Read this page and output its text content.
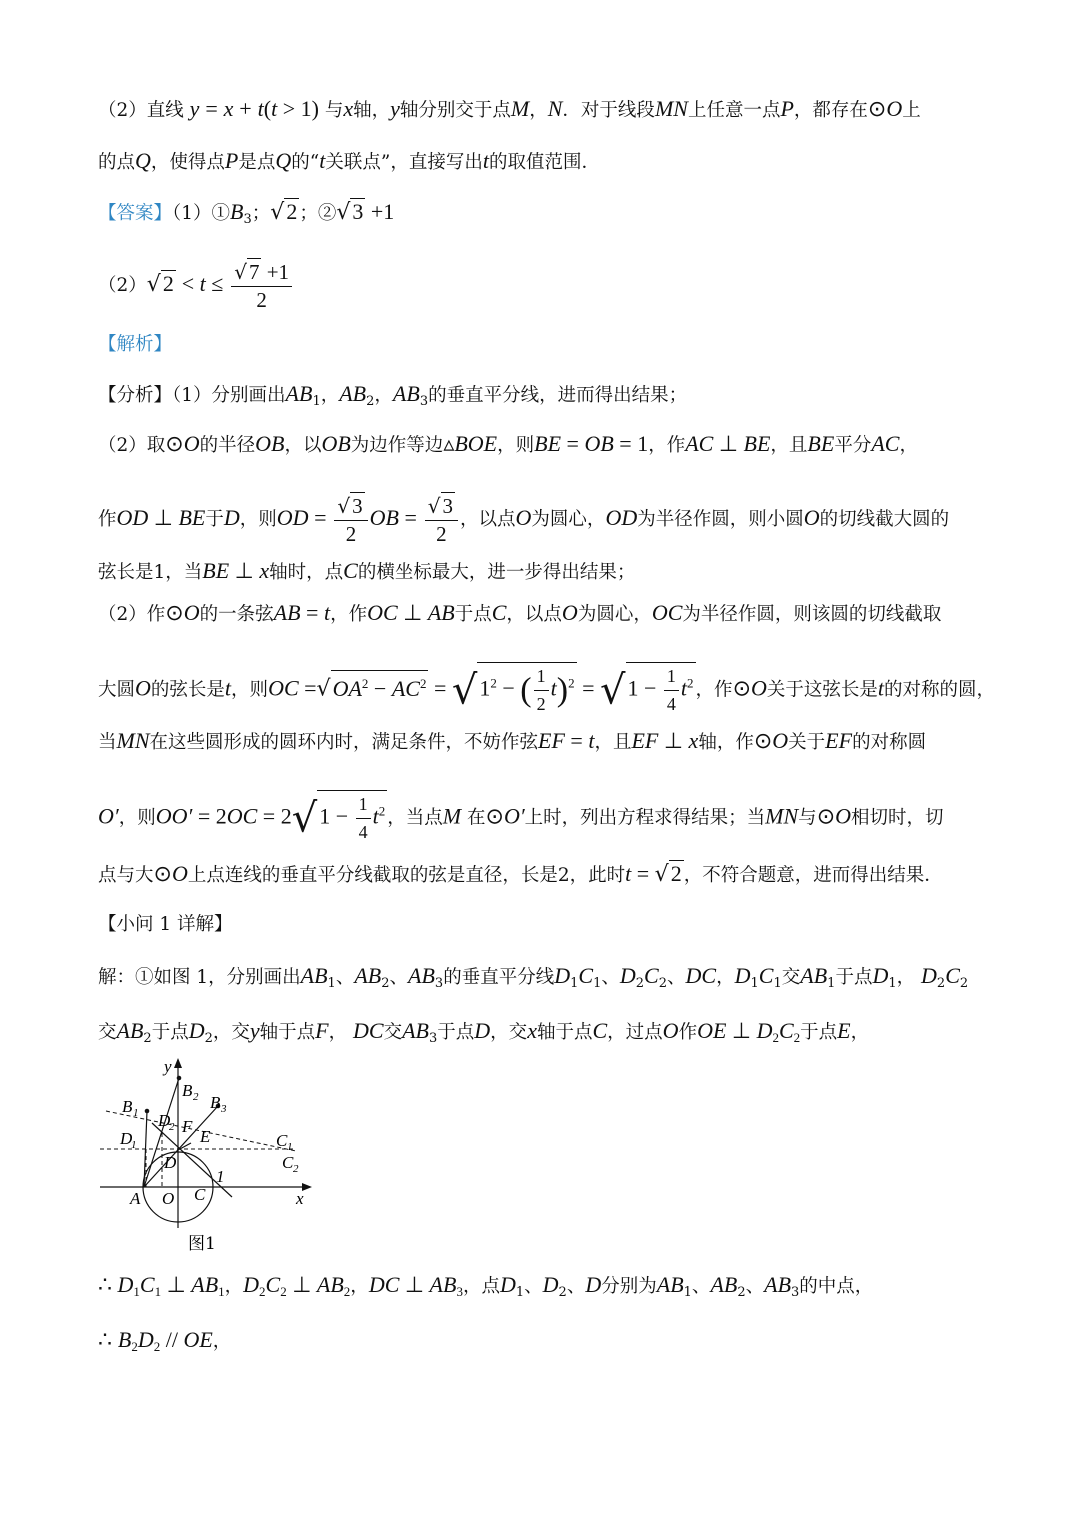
（2）直线 y = x + t(t > 1) 与x轴，y轴分别交于点M，N．对于线段MN上任意一点P，都存在⊙O上
的点Q，使得点P是点Q的“t关联点”，直接写出t的取值范围．
【答案】$(1)①B_3$；√2 ；②√3 +1
$(2)√2 < t \le \frac{√7 +1}{2}$
【解析】
【分析】（1）分别画出$AB_1$，$AB_2$，$AB_3$的垂直平分线，进而得出结果；
（2）取⊙O的半径OB，以OB为边作等边▵BOE，则BE = OB = 1，作AC ⊥ BE，且BE平分AC，
作OD ⊥ BE于D，则OD = $\frac{√3}{2}$ OB = $\frac{√3}{2}$ ，以点O为圆心，OD为半径作圆，则小圆O的切线截大圆的
弦长是1，当BE ⊥ x轴时，点C的横坐标最大，进一步得出结果；
（2）作⊙O的一条弦AB = t，作OC ⊥ AB于点C，以点O为圆心，OC为半径作圆，则该圆的切线截取
大圆O的弦长是t，则OC $=√OA^2 - AC^2 = √1^2$ − ( $\frac{1}{2} t)^2 = √1 - \frac{1}{4} t^2$ ，作⊙O关于这弦长是t的对称的圆，
当MN在这些圆形成的圆环内时，满足条件，不妨作弦EF = t，且EF ⊥ x轴，作⊙O关于EF的对称圆
O′，则$OO' = 2OC = 2√1 - \frac{1}{4} t^2$ ，当点M 在⊙O′上时，列出方程求得结果；当MN与⊙O相切时，切
点与大⊙O上点连线的垂直平分线截取的弦是直径，长是2，此时t = √2 ，不符合题意，进而得出结果．
【小问 1 详解】
解：①如图 1，分别画出$AB_1$、$AB_2$、$AB_3$的垂直平分线$D_1C_1$、$D_2C_2$、DC，$D_1C_1$交$AB_1$于点$D_1$， $D_2C_2$
交$AB_2$于点$D_2$，交y轴于点F， DC交$AB_3$于点D，交x轴于点C，过点O作OE ⊥ $D_2C_2$于点E，
y
x
A O C
1
D
E
F
B 1
B 2 B 3
C 1
C 2
D
1
D
2
图1
∴ $D_1C_1$ ⊥ $AB_1$，$D_2C_2$ ⊥ $AB_2$，DC ⊥ $AB_3$，点$D_1$、$D_2$、D分别为$AB_1$、$AB_2$、$AB_3$的中点，
∴ $B_2D_2$ // OE，
